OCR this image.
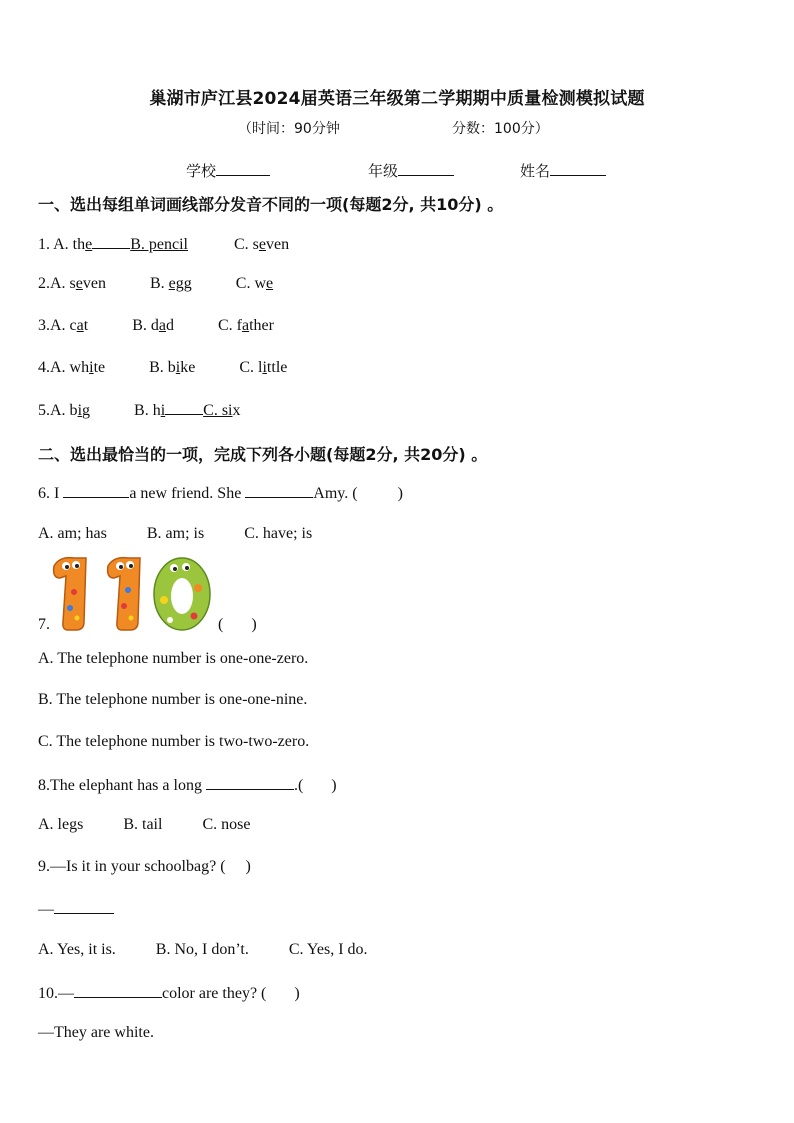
巢湖市庐江县2024届英语三年级第二学期期中质量检测模拟试题
（时间：90分钟	分数：100分）
学校	年级	姓名
一、选出每组单词画线部分发音不同的一项(每题2分, 共10分) 。
1. A. the B. pencil	C. seven
2.A. seven	B. egg	C. we
3.A. cat	B. dad	C. father
4.A. white	B. bike	C. little
5.A. big	B. hi C. six
二、选出最恰当的一项，完成下列各小题(每题2分, 共20分) 。
6. I	a new friend. She	Amy. (          )
A. am; has          B. am; is          C. have; is
7.	(       )
A. The telephone number is one-one-zero.
B. The telephone number is one-one-nine.
C. The telephone number is two-two-zero.
8.The elephant has a long	.(       )
A. legs          B. tail          C. nose
9.—Is it in your schoolbag? (     )
—
A. Yes, it is.          B. No, I don’t.          C. Yes, I do.
10.—	color are they? (       )
—They are white.
